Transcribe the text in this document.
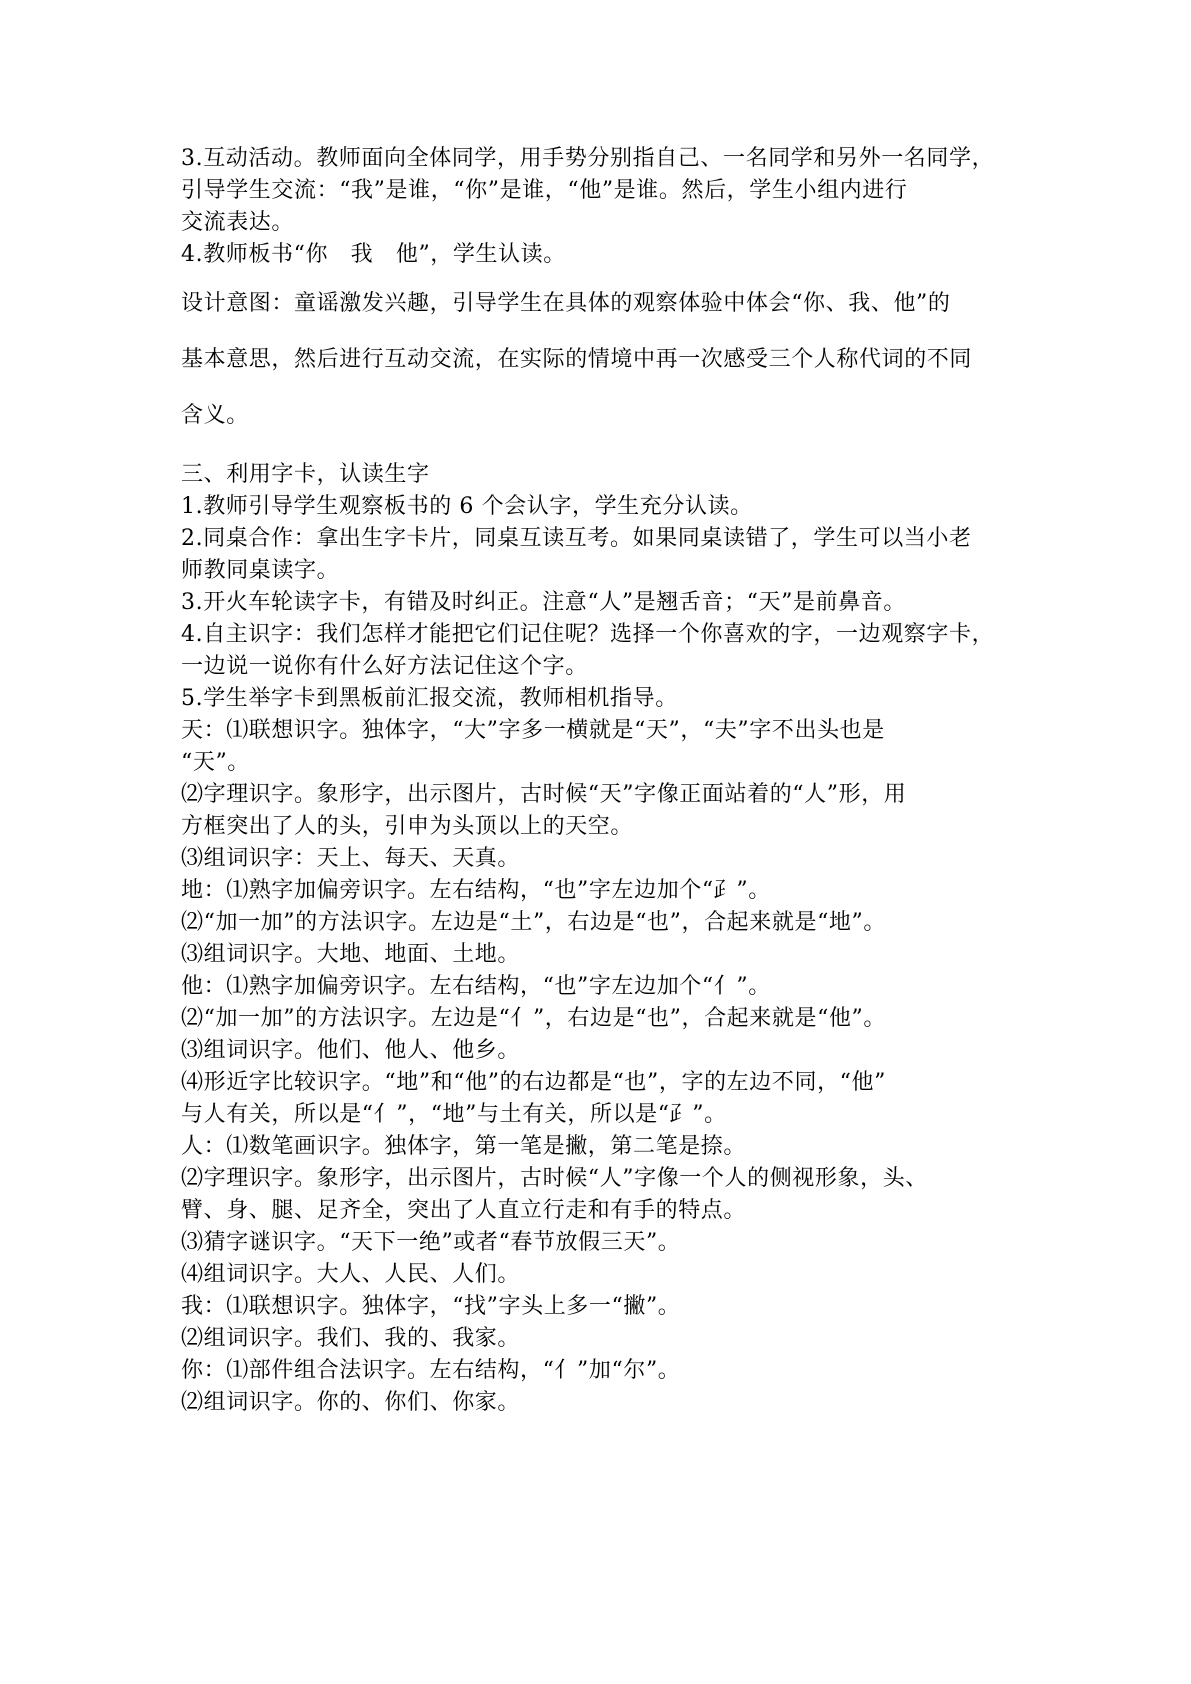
3.互动活动。教师面向全体同学，用手势分别指自己、一名同学和另外一名同学，
引导学生交流：“我”是谁，“你”是谁，“他”是谁。然后，学生小组内进行
交流表达。
4.教师板书“你　我　他”，学生认读。
设计意图：童谣激发兴趣，引导学生在具体的观察体验中体会“你、我、他”的
基本意思，然后进行互动交流，在实际的情境中再一次感受三个人称代词的不同
含义。
三、利用字卡，认读生字
1.教师引导学生观察板书的 6 个会认字，学生充分认读。
2.同桌合作：拿出生字卡片，同桌互读互考。如果同桌读错了，学生可以当小老
师教同桌读字。
3.开火车轮读字卡，有错及时纠正。注意“人”是翘舌音；“天”是前鼻音。
4.自主识字：我们怎样才能把它们记住呢？选择一个你喜欢的字，一边观察字卡，
一边说一说你有什么好方法记住这个字。
5.学生举字卡到黑板前汇报交流，教师相机指导。
天：⑴联想识字。独体字，“大”字多一横就是“天”，“夫”字不出头也是
“天”。
⑵字理识字。象形字，出示图片，古时候“天”字像正面站着的“人”形，用
方框突出了人的头，引申为头顶以上的天空。
⑶组词识字：天上、每天、天真。
地：⑴熟字加偏旁识字。左右结构，“也”字左边加个“⺪”。
⑵“加一加”的方法识字。左边是“土”，右边是“也”，合起来就是“地”。
⑶组词识字。大地、地面、土地。
他：⑴熟字加偏旁识字。左右结构，“也”字左边加个“亻”。
⑵“加一加”的方法识字。左边是“亻”，右边是“也”，合起来就是“他”。
⑶组词识字。他们、他人、他乡。
⑷形近字比较识字。“地”和“他”的右边都是“也”，字的左边不同，“他”
与人有关，所以是“亻”，“地”与土有关，所以是“⺪”。
人：⑴数笔画识字。独体字，第一笔是撇，第二笔是捺。
⑵字理识字。象形字，出示图片，古时候“人”字像一个人的侧视形象，头、
臂、身、腿、足齐全，突出了人直立行走和有手的特点。
⑶猜字谜识字。“天下一绝”或者“春节放假三天”。
⑷组词识字。大人、人民、人们。
我：⑴联想识字。独体字，“找”字头上多一“撇”。
⑵组词识字。我们、我的、我家。
你：⑴部件组合法识字。左右结构，“亻”加“尔”。
⑵组词识字。你的、你们、你家。
